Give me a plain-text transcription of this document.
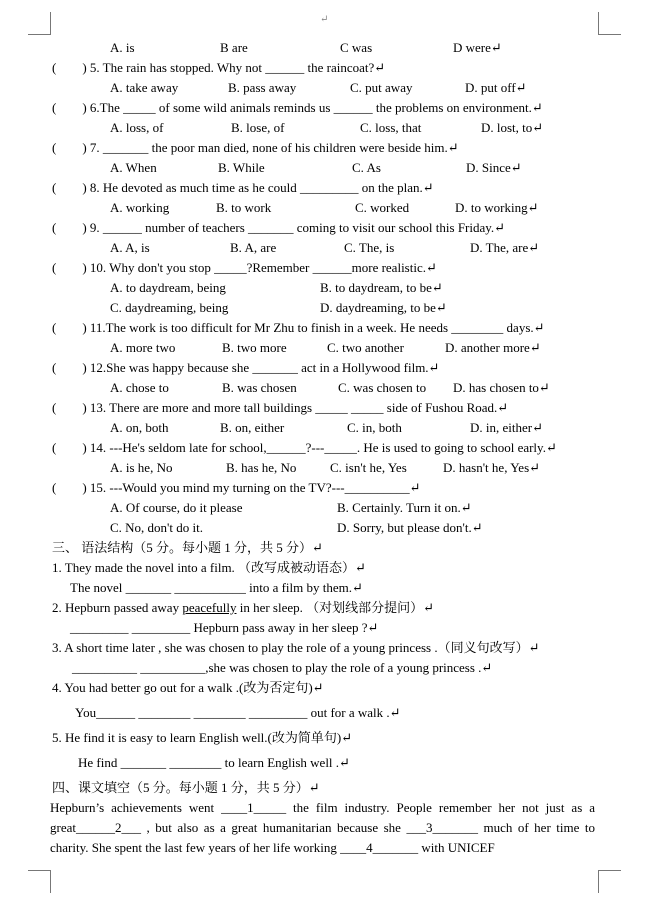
↵
A. is	B are	C was	D were↵
(　　) 5. The rain has stopped. Why not ______ the raincoat?↵
A. take away	B. pass away	C. put away	D. put off↵
(　　) 6.The _____ of some wild animals reminds us ______ the problems on environment.↵
A. loss, of	B. lose, of	C. loss, that	D. lost, to↵
(　　) 7. _______ the poor man died, none of his children were beside him.↵
A. When	B. While	C. As	D. Since↵
(　　) 8. He devoted as much time as he could _________ on the plan.↵
A. working	B. to work	C. worked	D. to working↵
(　　) 9. ______ number of teachers _______ coming to visit our school this Friday.↵
A. A, is	B. A, are	C. The, is	D. The, are↵
(　　) 10. Why don't you stop _____?Remember ______more realistic.↵
A. to daydream, being	B. to daydream, to be↵
C. daydreaming, being	D. daydreaming, to be↵
(　　) 11.The work is too difficult for Mr Zhu to finish in a week. He needs ________ days.↵
A. more two	B. two more	C. two another	D. another more↵
(　　) 12.She was happy because she _______ act in a Hollywood film.↵
A. chose to	B. was chosen	C. was chosen to D. has chosen to↵
(　　) 13. There are more and more tall buildings _____ _____ side of Fushou Road.↵
A. on, both	B. on, either	C. in, both	D. in, either↵
(　　) 14. ---He's seldom late for school,______?---_____. He is used to going to school early.↵
A. is he, No	B. has he, No	C. isn't he, Yes	D. hasn't he, Yes↵
(　　) 15. ---Would you mind my turning on the TV?---__________↵
A. Of course, do it please	B. Certainly. Turn it on.↵
C. No, don't do it.	D. Sorry, but please don't.↵
三、 语法结构（5 分。每小题 1 分，共 5 分）↵
1. They made the novel into a film. （改写成被动语态）↵
The novel _______ ___________ into a film by them.↵
2. Hepburn passed away peacefully in her sleep. （对划线部分提问）↵
_________ _________ Hepburn pass away in her sleep ?↵
3. A short time later , she was chosen to play the role of a young princess .（同义句改写）↵
__________ __________,she was chosen to play the role of a young princess .↵
4. You had better go out for a walk .(改为否定句)↵
You______ ________ ________ _________ out for a walk .↵
5. He find it is easy to learn English well.(改为简单句)↵
He find _______ ________ to learn English well .↵
四、课文填空（5 分。每小题 1 分，共 5 分）↵
Hepburn’s achievements went ____1_____ the film industry. People remember her not just as a great______2___ , but also as a great humanitarian because she ___3_______ much of her time to charity. She spent the last few years of her life working ____4_______ with UNICEF
